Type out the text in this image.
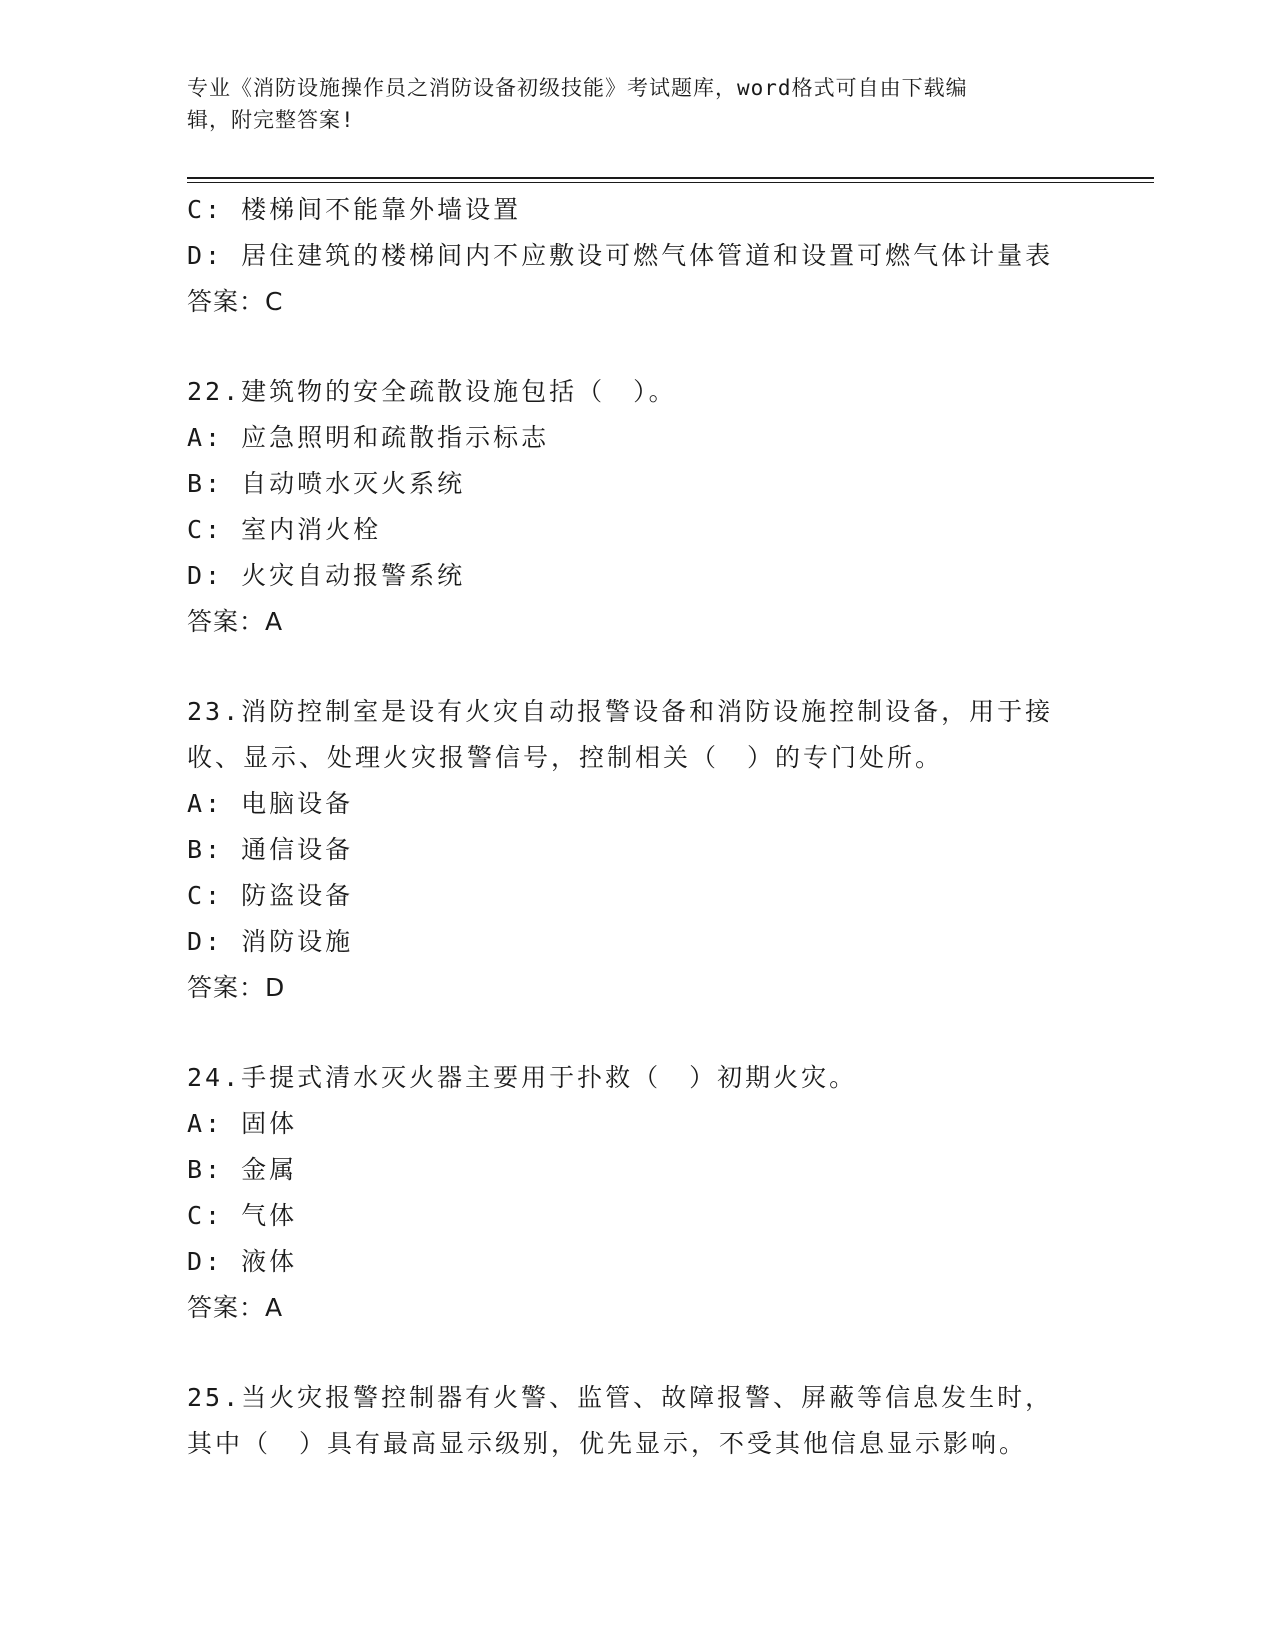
专业《消防设施操作员之消防设备初级技能》考试题库，word格式可自由下载编
辑，附完整答案!
C: 楼梯间不能靠外墙设置
D: 居住建筑的楼梯间内不应敷设可燃气体管道和设置可燃气体计量表
答案：C
22.建筑物的安全疏散设施包括（　）。
A: 应急照明和疏散指示标志
B: 自动喷水灭火系统
C: 室内消火栓
D: 火灾自动报警系统
答案：A
23.消防控制室是设有火灾自动报警设备和消防设施控制设备，用于接
收、显示、处理火灾报警信号，控制相关（　）的专门处所。
A: 电脑设备
B: 通信设备
C: 防盗设备
D: 消防设施
答案：D
24.手提式清水灭火器主要用于扑救（　）初期火灾。
A: 固体
B: 金属
C: 气体
D: 液体
答案：A
25.当火灾报警控制器有火警、监管、故障报警、屏蔽等信息发生时，
其中（　）具有最高显示级别，优先显示，不受其他信息显示影响。
